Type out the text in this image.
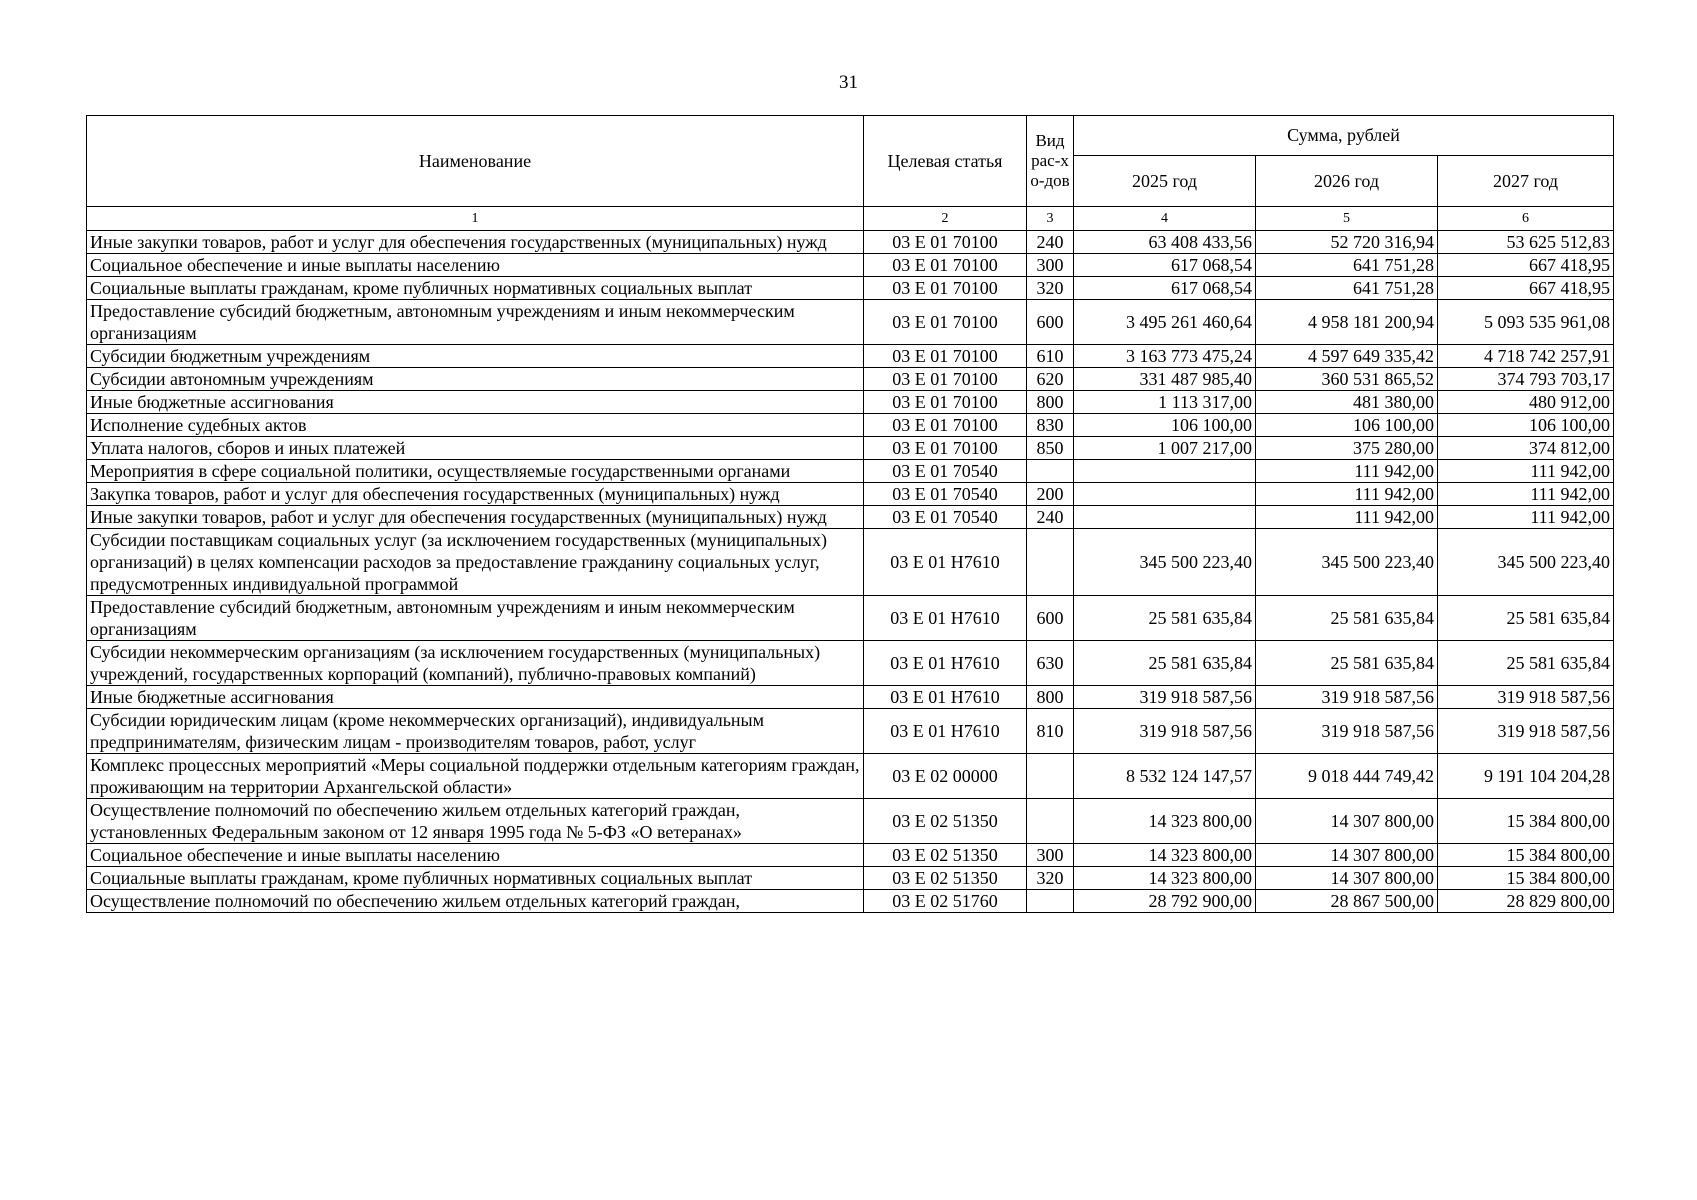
31
Наименование	Целевая статья	Вид рас-хо-дов	Сумма, рублей		
			2025 год	2026 год	2027 год
1	2	3	4	5	6
Иные закупки товаров, работ и услуг для обеспечения государственных (муниципальных) нужд	03 Е 01 70100	240	63 408 433,56	52 720 316,94	53 625 512,83
Социальное обеспечение и иные выплаты населению	03 Е 01 70100	300	617 068,54	641 751,28	667 418,95
Социальные выплаты гражданам, кроме публичных нормативных социальных выплат	03 Е 01 70100	320	617 068,54	641 751,28	667 418,95
Предоставление субсидий бюджетным, автономным учреждениям и иным некоммерческим организациям	03 Е 01 70100	600	3 495 261 460,64	4 958 181 200,94	5 093 535 961,08
Субсидии бюджетным учреждениям	03 Е 01 70100	610	3 163 773 475,24	4 597 649 335,42	4 718 742 257,91
Субсидии автономным учреждениям	03 Е 01 70100	620	331 487 985,40	360 531 865,52	374 793 703,17
Иные бюджетные ассигнования	03 Е 01 70100	800	1 113 317,00	481 380,00	480 912,00
Исполнение судебных актов	03 Е 01 70100	830	106 100,00	106 100,00	106 100,00
Уплата налогов, сборов и иных платежей	03 Е 01 70100	850	1 007 217,00	375 280,00	374 812,00
Мероприятия в сфере социальной политики, осуществляемые государственными органами	03 Е 01 70540			111 942,00	111 942,00
Закупка товаров, работ и услуг для обеспечения государственных (муниципальных) нужд	03 Е 01 70540	200		111 942,00	111 942,00
Иные закупки товаров, работ и услуг для обеспечения государственных (муниципальных) нужд	03 Е 01 70540	240		111 942,00	111 942,00
Субсидии поставщикам социальных услуг (за исключением государственных (муниципальных) организаций) в целях компенсации расходов за предоставление гражданину социальных услуг, предусмотренных индивидуальной программой	03 Е 01 Н7610		345 500 223,40	345 500 223,40	345 500 223,40
Предоставление субсидий бюджетным, автономным учреждениям и иным некоммерческим организациям	03 Е 01 Н7610	600	25 581 635,84	25 581 635,84	25 581 635,84
Субсидии некоммерческим организациям (за исключением государственных (муниципальных) учреждений, государственных корпораций (компаний), публично-правовых компаний)	03 Е 01 Н7610	630	25 581 635,84	25 581 635,84	25 581 635,84
Иные бюджетные ассигнования	03 Е 01 Н7610	800	319 918 587,56	319 918 587,56	319 918 587,56
Субсидии юридическим лицам (кроме некоммерческих организаций), индивидуальным предпринимателям, физическим лицам - производителям товаров, работ, услуг	03 Е 01 Н7610	810	319 918 587,56	319 918 587,56	319 918 587,56
Комплекс процессных мероприятий «Меры социальной поддержки отдельным категориям граждан, проживающим на территории Архангельской области»	03 Е 02 00000		8 532 124 147,57	9 018 444 749,42	9 191 104 204,28
Осуществление полномочий по обеспечению жильем отдельных категорий граждан, установленных Федеральным законом от 12 января 1995 года № 5-ФЗ «О ветеранах»	03 Е 02 51350		14 323 800,00	14 307 800,00	15 384 800,00
Социальное обеспечение и иные выплаты населению	03 Е 02 51350	300	14 323 800,00	14 307 800,00	15 384 800,00
Социальные выплаты гражданам, кроме публичных нормативных социальных выплат	03 Е 02 51350	320	14 323 800,00	14 307 800,00	15 384 800,00
Осуществление полномочий по обеспечению жильем отдельных категорий граждан,	03 Е 02 51760		28 792 900,00	28 867 500,00	28 829 800,00
